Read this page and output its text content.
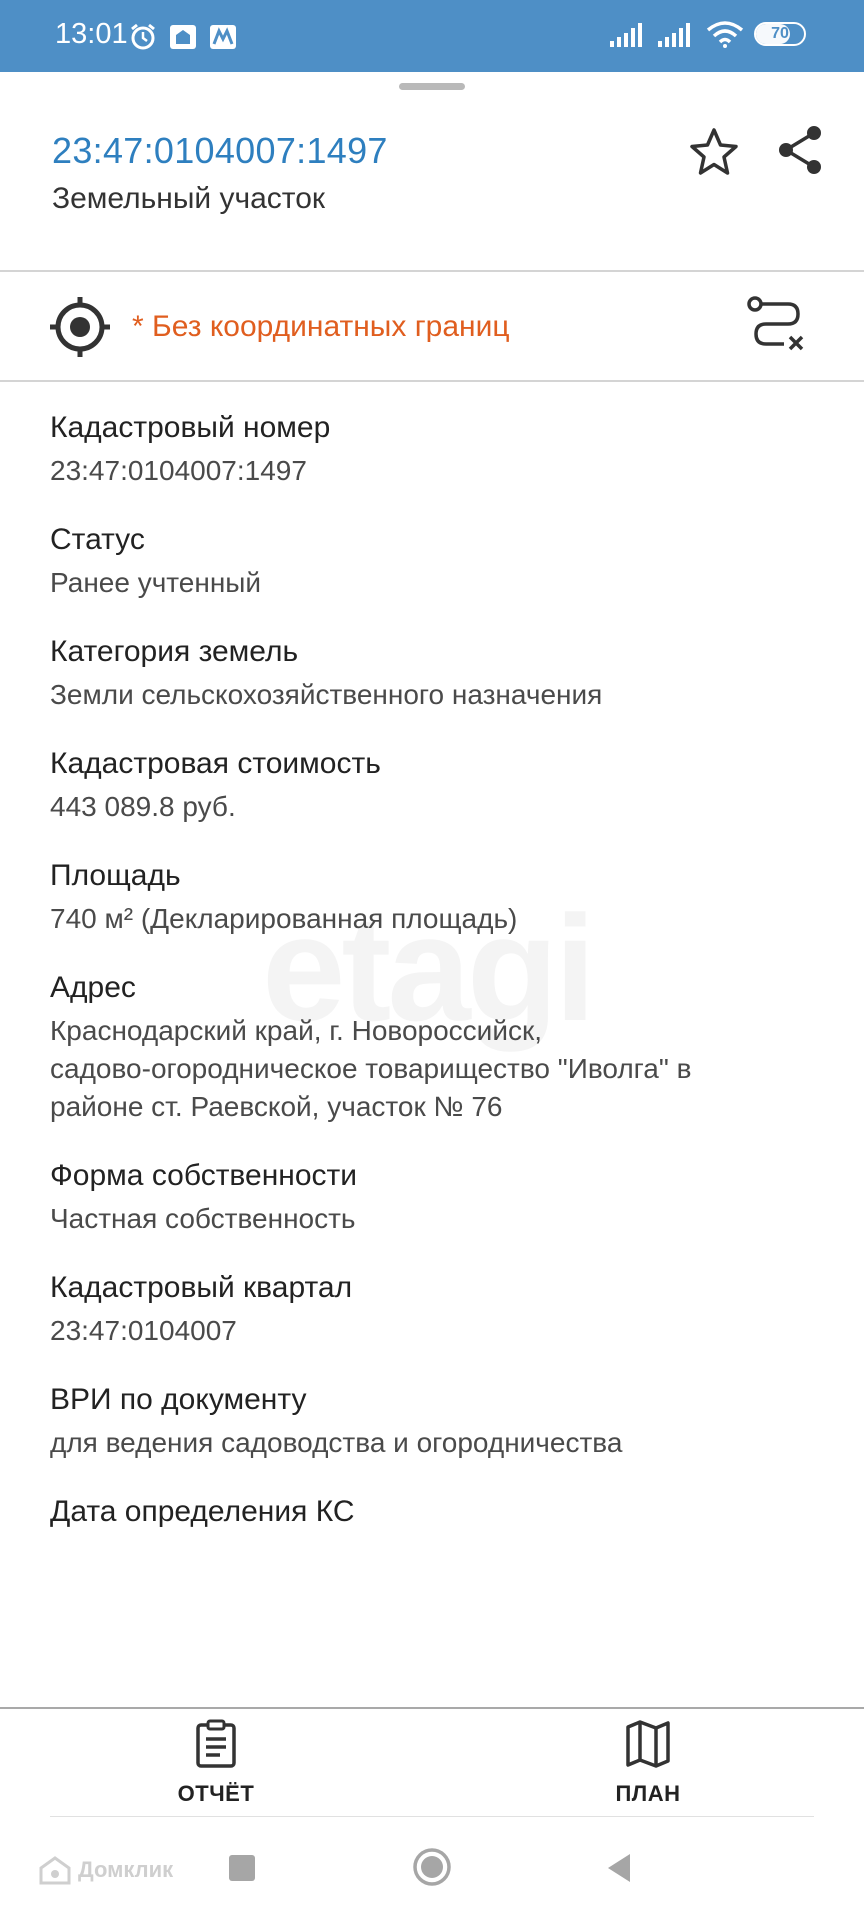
13:01	70
23:47:0104007:1497
Земельный участок
* Без координатных границ
Кадастровый номер
23:47:0104007:1497
Статус
Ранее учтенный
Категория земель
Земли сельскохозяйственного назначения
Кадастровая стоимость
443 089.8 руб.
Площадь
740 м² (Декларированная площадь)
Адрес
Краснодарский край, г. Новороссийск,
садово-огородническое товарищество "Иволга" в
районе ст. Раевской, участок № 76
Форма собственности
Частная собственность
Кадастровый квартал
23:47:0104007
ВРИ по документу
для ведения садоводства и огородничества
Дата определения КС
ОТЧЁТ	ПЛАН
Домклик
